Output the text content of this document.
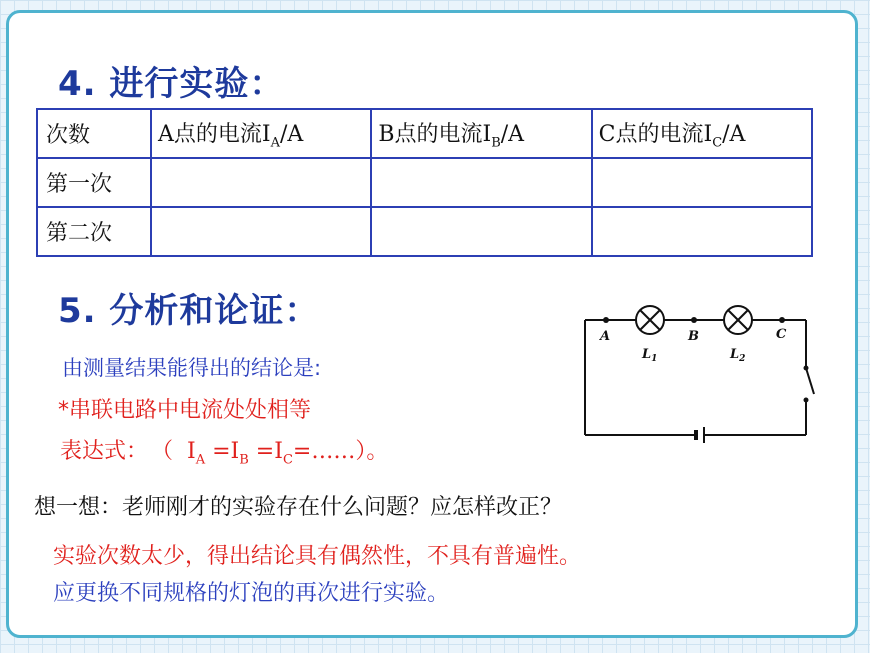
4. 进行实验：
次数	A点的电流$I_A/A$	B点的电流$I_B/A$	C点的电流$I_C/A$
第一次			
第二次			
5. 分析和论证：
由测量结果能得出的结论是:
*串联电路中电流处处相等
表达式： （ $I_A =I_B$ $=I_C=\dots\dots$）。
A	B	C
$L_1$	$L_2$
想一想：老师刚才的实验存在什么问题？应怎样改正？
实验次数太少，得出结论具有偶然性，不具有普遍性。
应更换不同规格的灯泡的再次进行实验。
